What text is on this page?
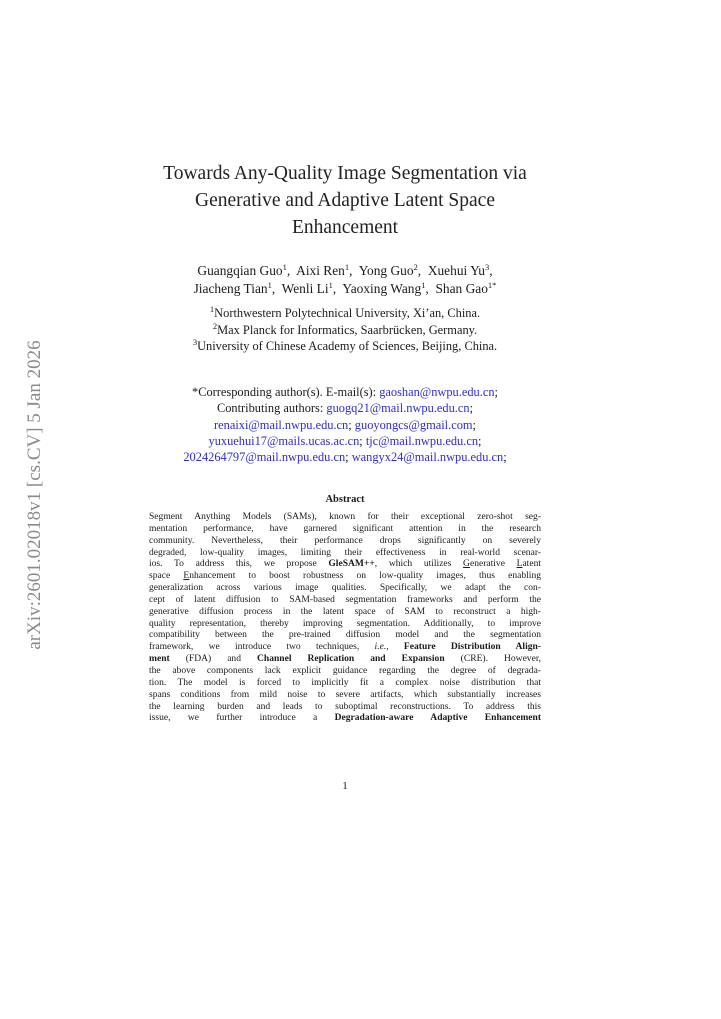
arXiv:2601.02018v1 [cs.CV] 5 Jan 2026
Towards Any-Quality Image Segmentation via
Generative and Adaptive Latent Space
Enhancement
Guangqian Guo$^1$,  Aixi Ren$^1$,  Yong Guo$^2$,  Xuehui Yu$^3$,
Jiacheng Tian$^1$,  Wenli Li$^1$,  Yaoxing Wang$^1$,  Shan Gao$^{1*}$
$^1$Northwestern Polytechnical University, Xi’an, China.
$^2$Max Planck for Informatics, Saarbrücken, Germany.
$^3$University of Chinese Academy of Sciences, Beijing, China.
*Corresponding author(s). E-mail(s): gaoshan@nwpu.edu.cn;
Contributing authors: guogq21@mail.nwpu.edu.cn;
renaixi@mail.nwpu.edu.cn; guoyongcs@gmail.com;
yuxuehui17@mails.ucas.ac.cn; tjc@mail.nwpu.edu.cn;
2024264797@mail.nwpu.edu.cn; wangyx24@mail.nwpu.edu.cn;
Abstract
Segment Anything Models (SAMs), known for their exceptional zero-shot seg-
mentation performance, have garnered significant attention in the research
community. Nevertheless, their performance drops significantly on severely
degraded, low-quality images, limiting their effectiveness in real-world scenar-
ios. To address this, we propose GleSAM++, which utilizes Generative Latent
space Enhancement to boost robustness on low-quality images, thus enabling
generalization across various image qualities. Specifically, we adapt the con-
cept of latent diffusion to SAM-based segmentation frameworks and perform the
generative diffusion process in the latent space of SAM to reconstruct a high-
quality representation, thereby improving segmentation. Additionally, to improve
compatibility between the pre-trained diffusion model and the segmentation
framework, we introduce two techniques, i.e., Feature Distribution Align-
ment (FDA) and Channel Replication and Expansion (CRE). However,
the above components lack explicit guidance regarding the degree of degrada-
tion. The model is forced to implicitly fit a complex noise distribution that
spans conditions from mild noise to severe artifacts, which substantially increases
the learning burden and leads to suboptimal reconstructions. To address this
issue, we further introduce a Degradation-aware Adaptive Enhancement
1
